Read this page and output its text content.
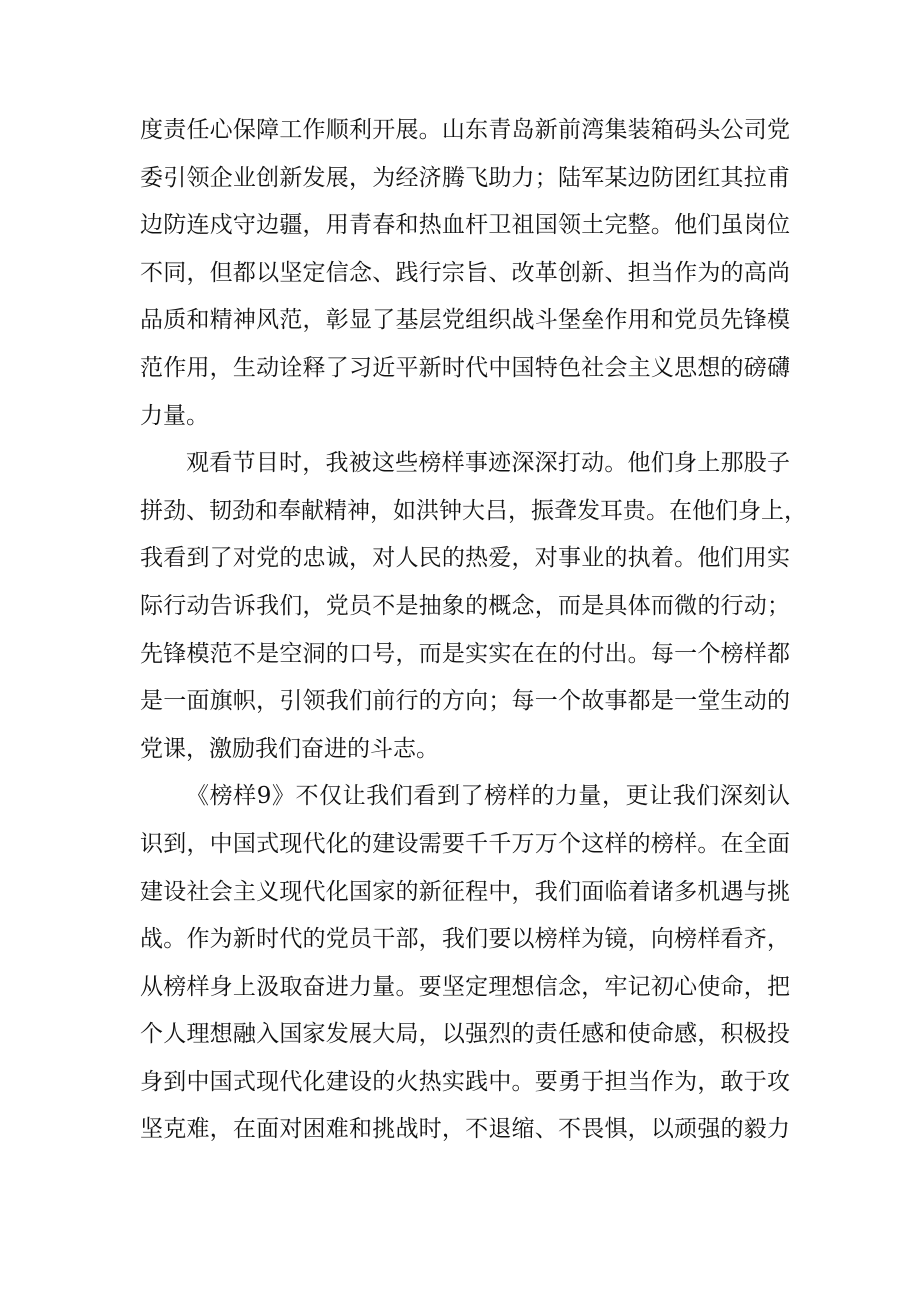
度责任心保障工作顺利开展。山东青岛新前湾集装箱码头公司党
委引领企业创新发展，为经济腾飞助力；陆军某边防团红其拉甫
边防连戍守边疆，用青春和热血杆卫祖国领土完整。他们虽岗位
不同，但都以坚定信念、践行宗旨、改革创新、担当作为的高尚
品质和精神风范，彰显了基层党组织战斗堡垒作用和党员先锋模
范作用，生动诠释了习近平新时代中国特色社会主义思想的磅礴
力量。
观看节目时，我被这些榜样事迹深深打动。他们身上那股子
拼劲、韧劲和奉献精神，如洪钟大吕，振聋发耳贵。在他们身上，
我看到了对党的忠诚，对人民的热爱，对事业的执着。他们用实
际行动告诉我们，党员不是抽象的概念，而是具体而微的行动；
先锋模范不是空洞的口号，而是实实在在的付出。每一个榜样都
是一面旗帜，引领我们前行的方向；每一个故事都是一堂生动的
党课，激励我们奋进的斗志。
《榜样9》不仅让我们看到了榜样的力量，更让我们深刻认
识到，中国式现代化的建设需要千千万万个这样的榜样。在全面
建设社会主义现代化国家的新征程中，我们面临着诸多机遇与挑
战。作为新时代的党员干部，我们要以榜样为镜，向榜样看齐，
从榜样身上汲取奋进力量。要坚定理想信念，牢记初心使命，把
个人理想融入国家发展大局，以强烈的责任感和使命感，积极投
身到中国式现代化建设的火热实践中。要勇于担当作为，敢于攻
坚克难，在面对困难和挑战时，不退缩、不畏惧，以顽强的毅力
